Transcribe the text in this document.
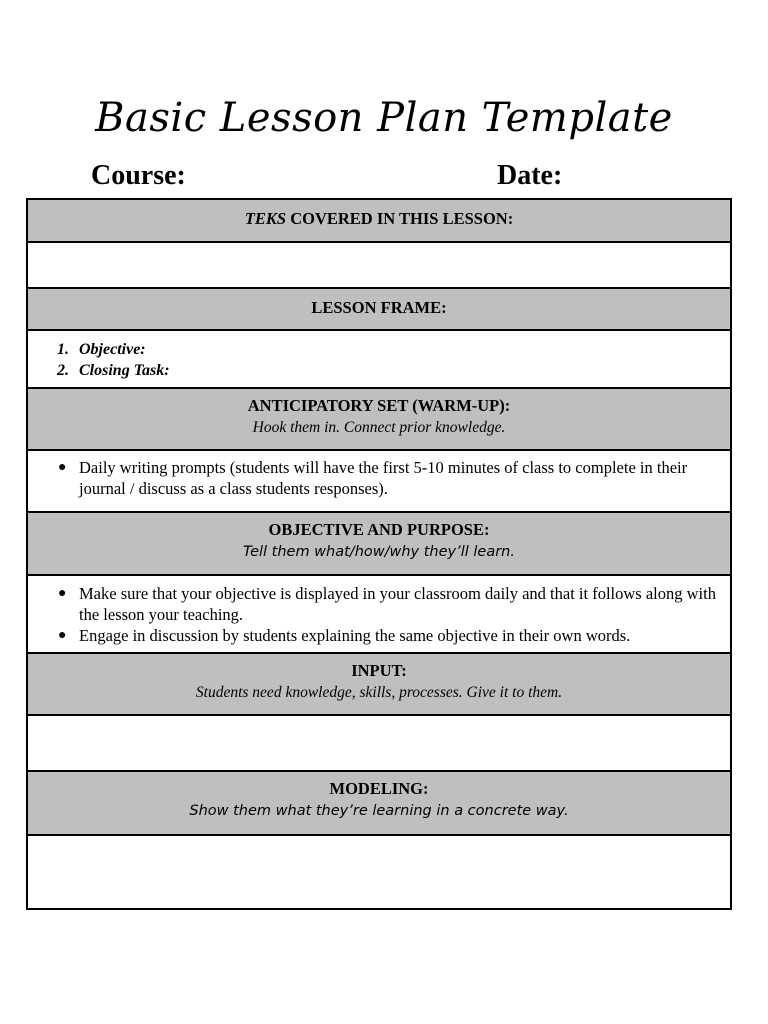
Basic Lesson Plan Template
Course:	Date:
TEKS COVERED IN THIS LESSON:
LESSON FRAME:
1. Objective:
2. Closing Task:
ANTICIPATORY SET (WARM-UP):
Hook them in. Connect prior knowledge.
● Daily writing prompts (students will have the first 5-10 minutes of class to complete in their journal / discuss as a class students responses).
OBJECTIVE AND PURPOSE:
Tell them what/how/why they’ll learn.
● Make sure that your objective is displayed in your classroom daily and that it follows along with the lesson your teaching.
● Engage in discussion by students explaining the same objective in their own words.
INPUT:
Students need knowledge, skills, processes. Give it to them.
MODELING:
Show them what they’re learning in a concrete way.
